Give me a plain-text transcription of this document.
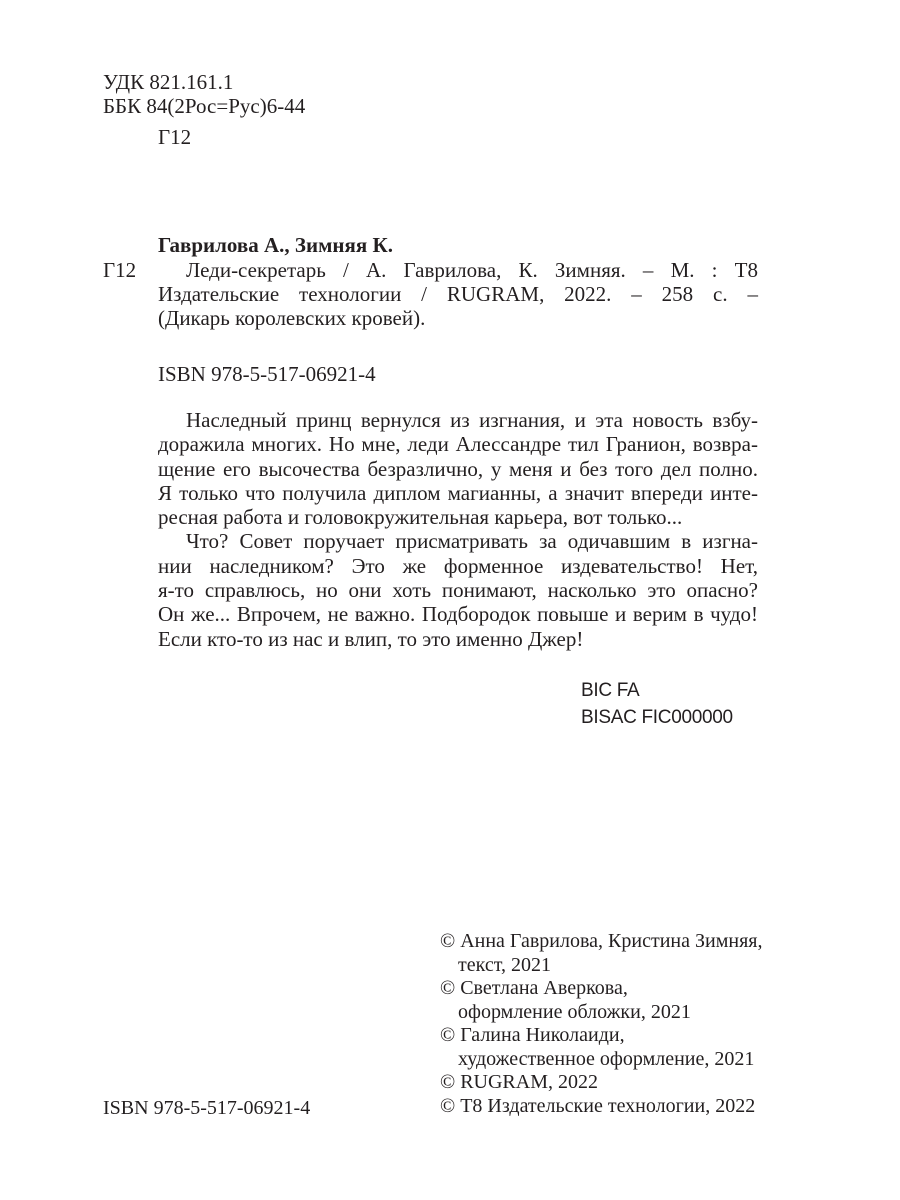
УДК 821.161.1
ББК 84(2Рос=Рус)6-44
Г12
Гаврилова А., Зимняя К.
Г12	Леди-секретарь / А. Гаврилова, К. Зимняя. – М. : Т8
Издательские технологии / RUGRAM, 2022. – 258 с. –
(Дикарь королевских кровей).
ISBN 978-5-517-06921-4
Наследный принц вернулся из изгнания, и эта новость взбу-
доражила многих. Но мне, леди Алессандре тил Гранион, возвра-
щение его высочества безразлично, у меня и без того дел полно.
Я только что получила диплом магианны, а значит впереди инте-
ресная работа и головокружительная карьера, вот только...
Что? Совет поручает присматривать за одичавшим в изгна-
нии наследником? Это же форменное издевательство! Нет,
я-то справлюсь, но они хоть понимают, насколько это опасно?
Он же... Впрочем, не важно. Подбородок повыше и верим в чудо!
Если кто-то из нас и влип, то это именно Джер!
BIC FA
BISAC FIC000000
© Анна Гаврилова, Кристина Зимняя,
текст, 2021
© Светлана Аверкова,
оформление обложки, 2021
© Галина Николаиди,
художественное оформление, 2021
© RUGRAM, 2022
© Т8 Издательские технологии, 2022
ISBN 978-5-517-06921-4
